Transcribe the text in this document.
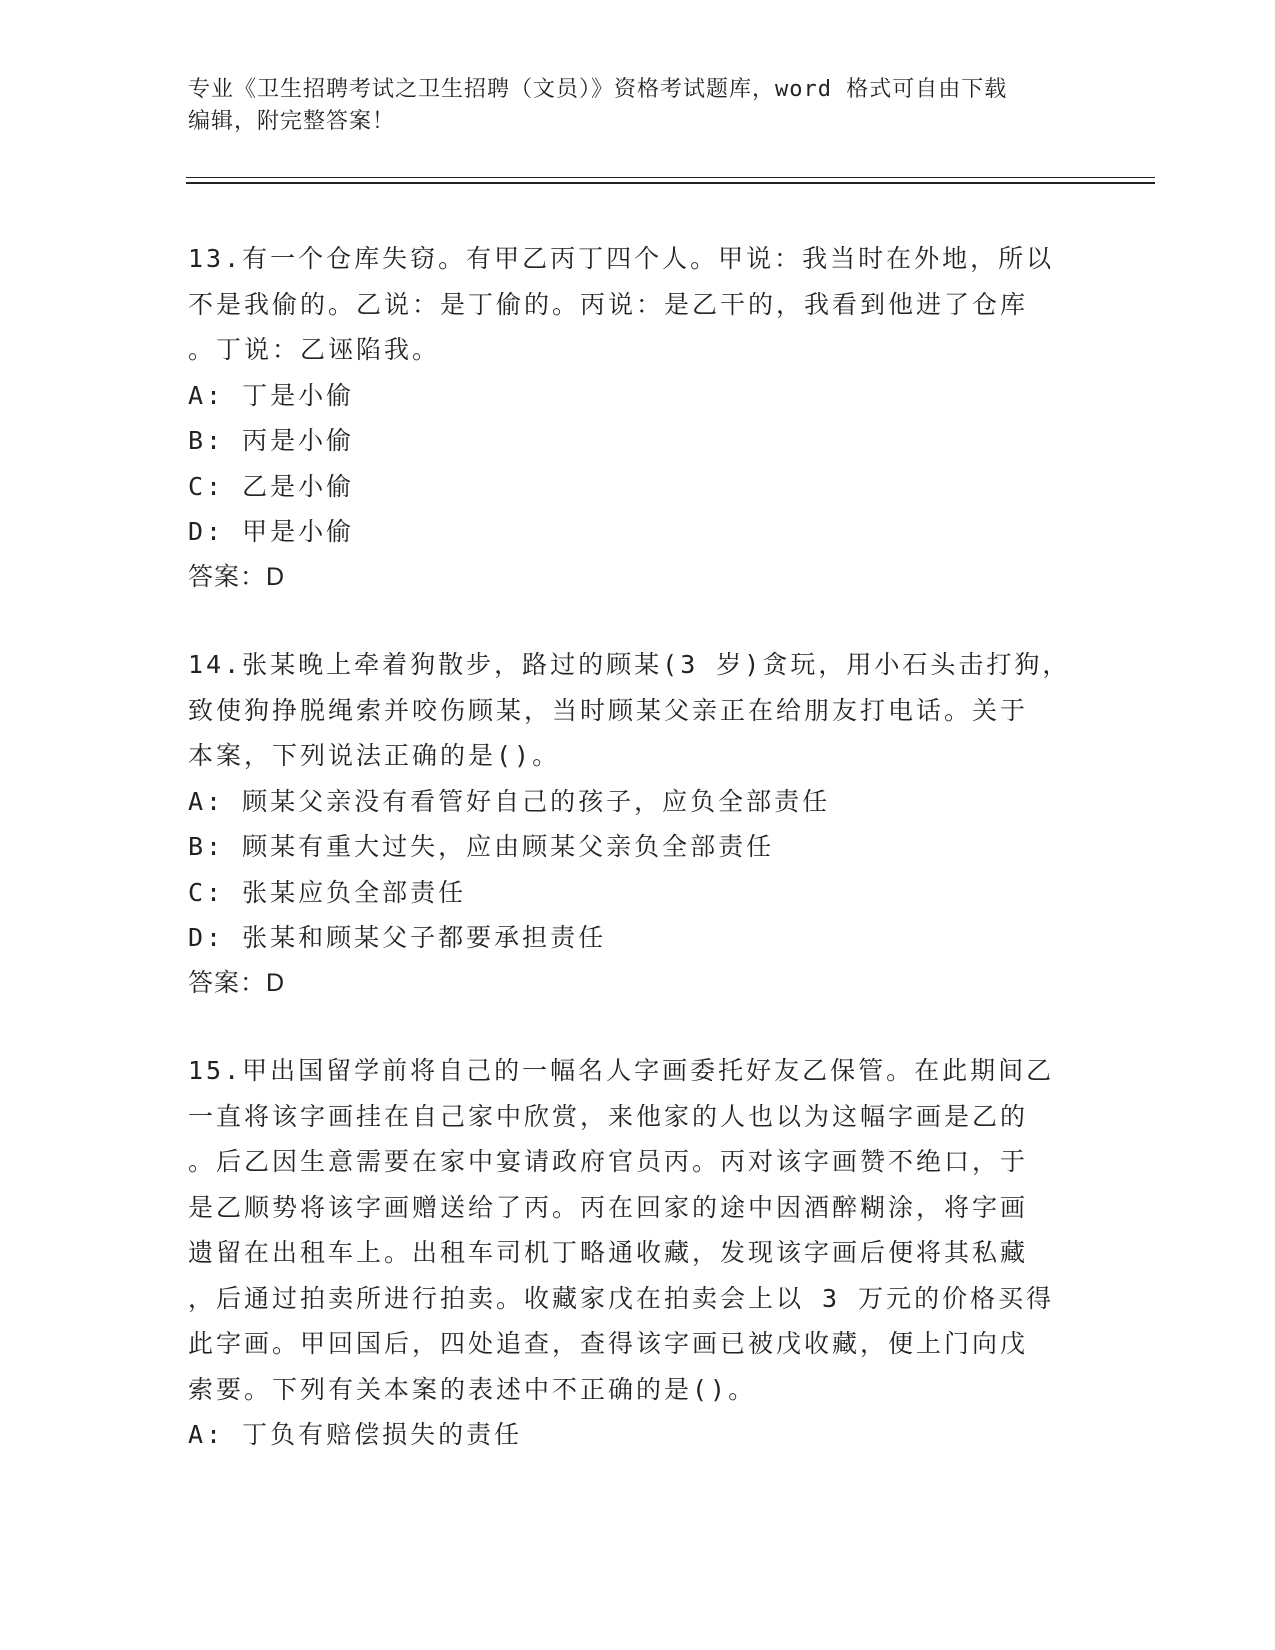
专业《卫生招聘考试之卫生招聘（文员）》资格考试题库，word 格式可自由下载
编辑，附完整答案！
13.有一个仓库失窃。有甲乙丙丁四个人。甲说：我当时在外地，所以
不是我偷的。乙说：是丁偷的。丙说：是乙干的，我看到他进了仓库
。丁说：乙诬陷我。
A: 丁是小偷
B: 丙是小偷
C: 乙是小偷
D: 甲是小偷
答案：D
14.张某晚上牵着狗散步，路过的顾某(3 岁)贪玩，用小石头击打狗，
致使狗挣脱绳索并咬伤顾某，当时顾某父亲正在给朋友打电话。关于
本案，下列说法正确的是()。
A: 顾某父亲没有看管好自己的孩子，应负全部责任
B: 顾某有重大过失，应由顾某父亲负全部责任
C: 张某应负全部责任
D: 张某和顾某父子都要承担责任
答案：D
15.甲出国留学前将自己的一幅名人字画委托好友乙保管。在此期间乙
一直将该字画挂在自己家中欣赏，来他家的人也以为这幅字画是乙的
。后乙因生意需要在家中宴请政府官员丙。丙对该字画赞不绝口，于
是乙顺势将该字画赠送给了丙。丙在回家的途中因酒醉糊涂，将字画
遗留在出租车上。出租车司机丁略通收藏，发现该字画后便将其私藏
，后通过拍卖所进行拍卖。收藏家戊在拍卖会上以 3 万元的价格买得
此字画。甲回国后，四处追查，查得该字画已被戊收藏，便上门向戊
索要。下列有关本案的表述中不正确的是()。
A: 丁负有赔偿损失的责任
